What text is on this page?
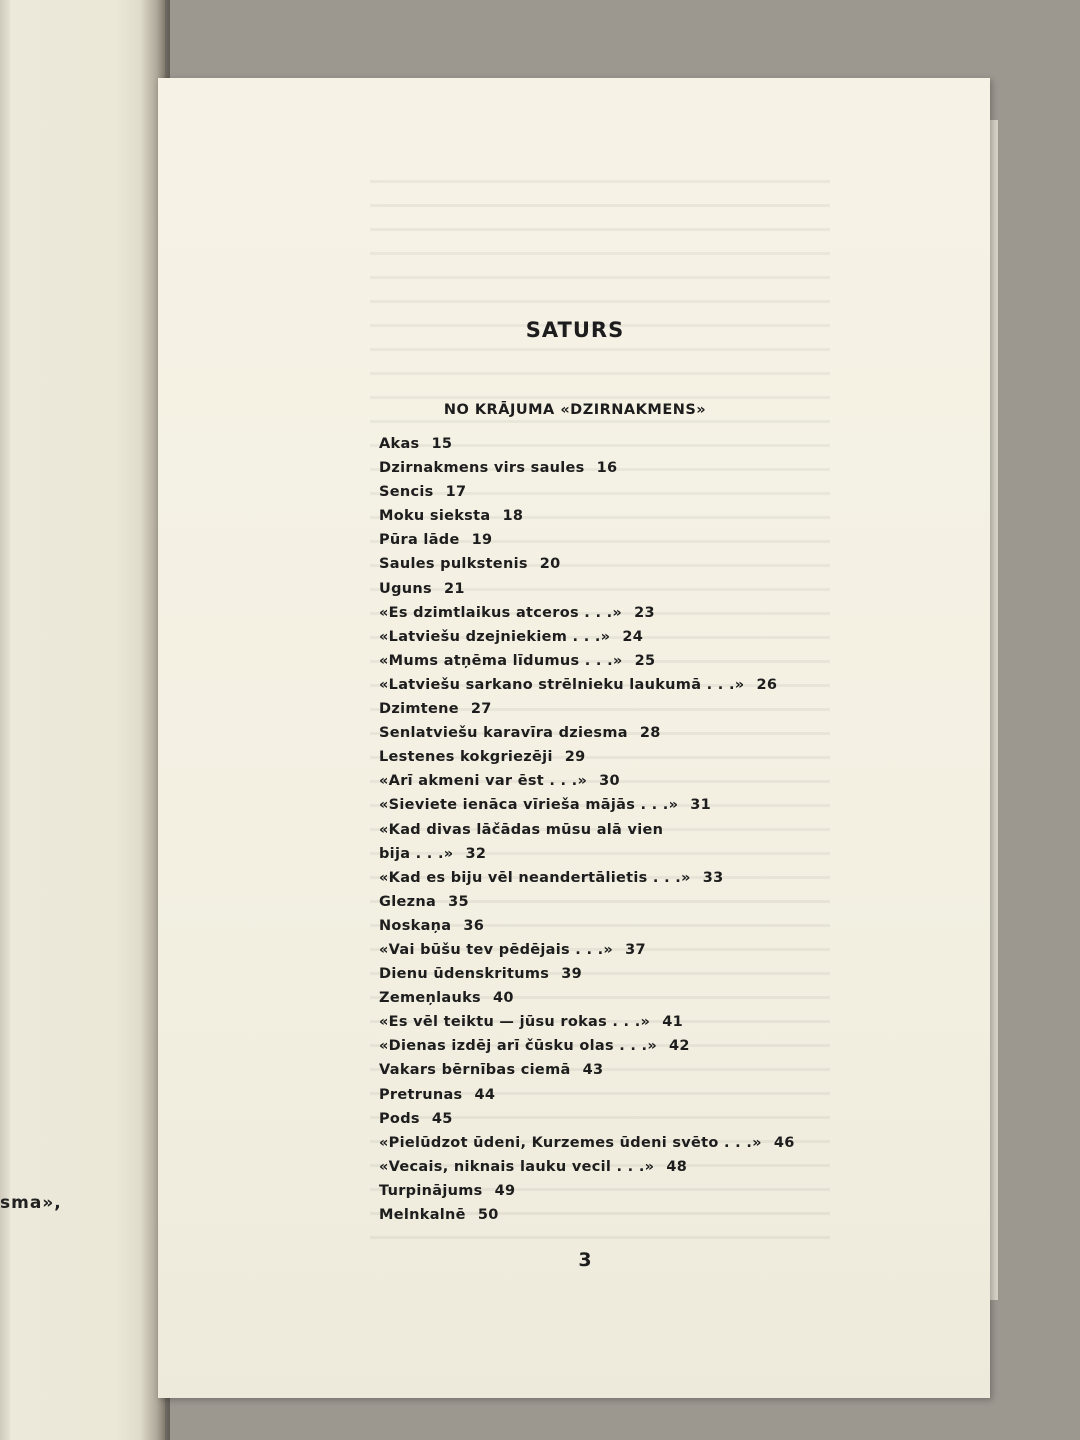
sma»,
SATURS
NO KRĀJUMA «DZIRNAKMENS»
Akas 15
Dzirnakmens virs saules 16
Sencis 17
Moku sieksta 18
Pūra lāde 19
Saules pulkstenis 20
Uguns 21
«Es dzimtlaikus atceros . . .» 23
«Latviešu dzejniekiem . . .» 24
«Mums atņēma līdumus . . .» 25
«Latviešu sarkano strēlnieku laukumā . . .» 26
Dzimtene 27
Senlatviešu karavīra dziesma 28
Lestenes kokgriezēji 29
«Arī akmeni var ēst . . .» 30
«Sieviete ienāca vīrieša mājās . . .» 31
«Kad divas lāčādas mūsu alā vien
bija . . .» 32
«Kad es biju vēl neandertālietis . . .» 33
Glezna 35
Noskaņa 36
«Vai būšu tev pēdējais . . .» 37
Dienu ūdenskritums 39
Zemeņlauks 40
«Es vēl teiktu — jūsu rokas . . .» 41
«Dienas izdēj arī čūsku olas . . .» 42
Vakars bērnības ciemā 43
Pretrunas 44
Pods 45
«Pielūdzot ūdeni, Kurzemes ūdeni svēto . . .» 46
«Vecais, niknais lauku vecil . . .» 48
Turpinājums 49
Melnkalnē 50
3
